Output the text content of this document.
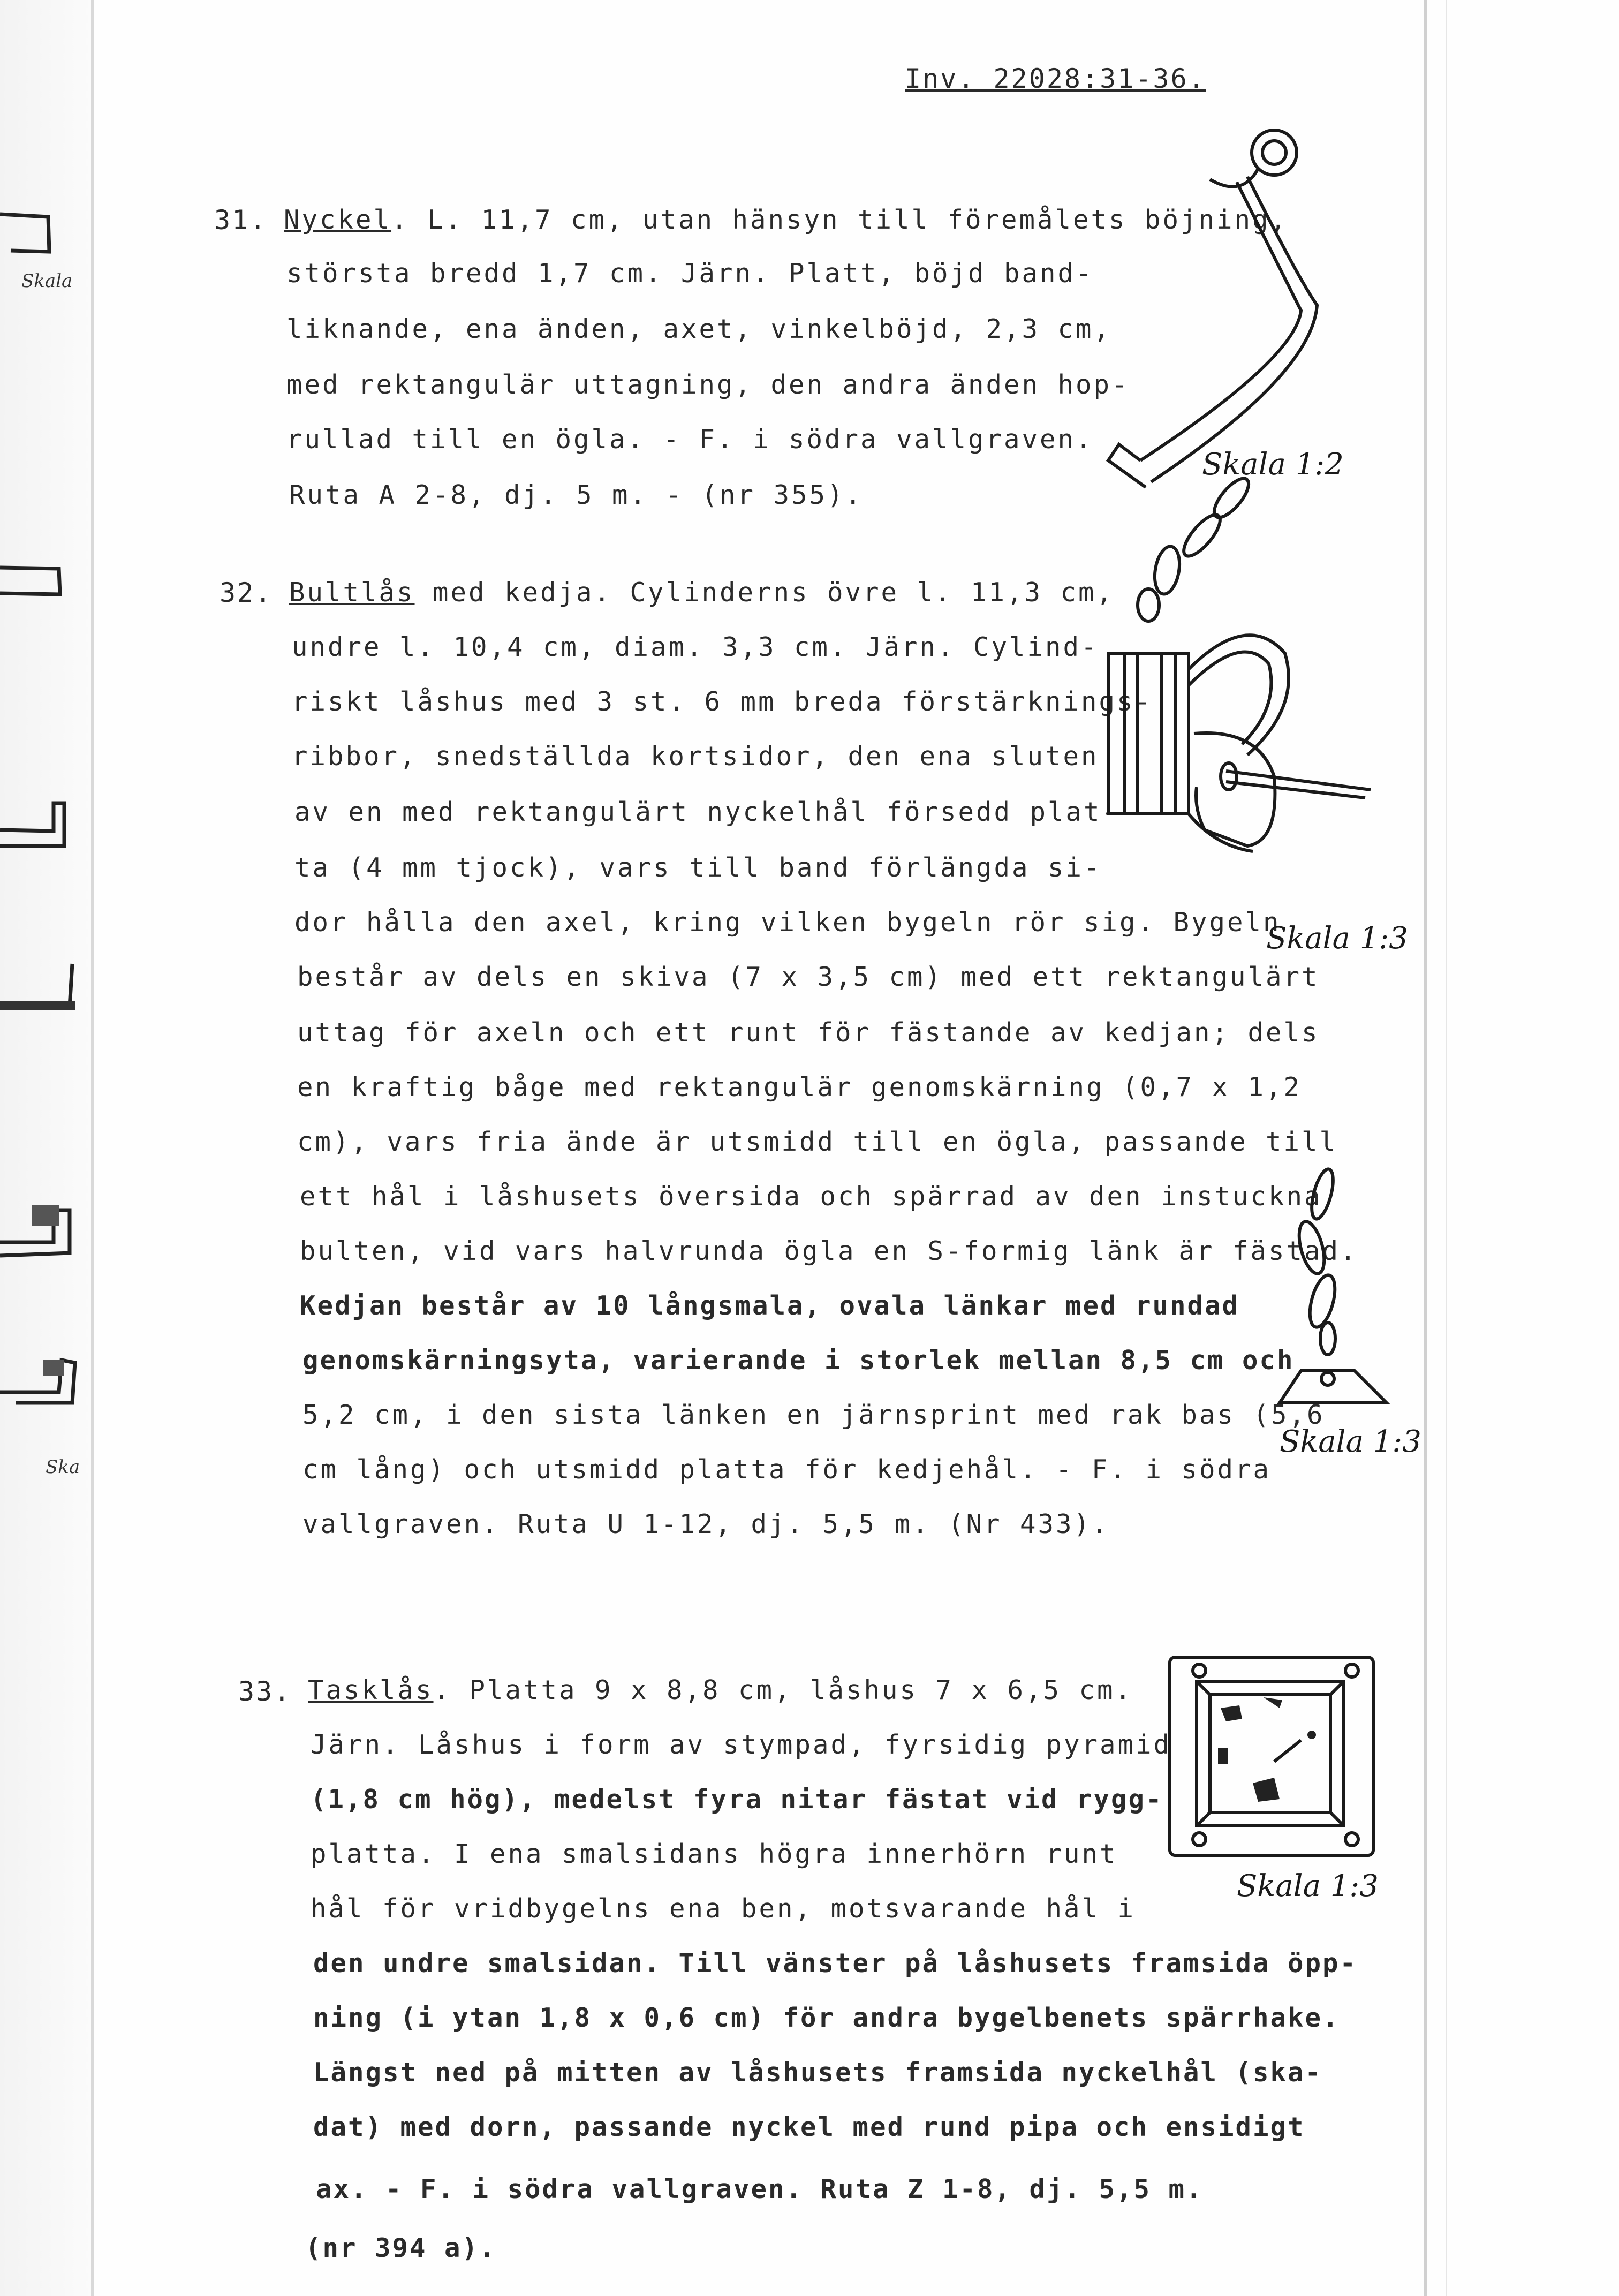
Skala
Ska
Inv. 22028:31-36.
31. Nyckel. L. 11,7 cm, utan hänsyn till föremålets böjning,
största bredd 1,7 cm. Järn. Platt, böjd band-
liknande, ena änden, axet, vinkelböjd, 2,3 cm,
med rektangulär uttagning, den andra änden hop-
rullad till en ögla. - F. i södra vallgraven.
Ruta A 2-8, dj. 5 m. - (nr 355).
Skala 1:2
32. Bultlås med kedja. Cylinderns övre l. 11,3 cm,
undre l. 10,4 cm, diam. 3,3 cm. Järn. Cylind-
riskt låshus med 3 st. 6 mm breda förstärknings-
ribbor, snedställda kortsidor, den ena sluten
av en med rektangulärt nyckelhål försedd plat-
ta (4 mm tjock), vars till band förlängda si-
dor hålla den axel, kring vilken bygeln rör sig. Bygeln
består av dels en skiva (7 x 3,5 cm) med ett rektangulärt
uttag för axeln och ett runt för fästande av kedjan; dels
en kraftig båge med rektangulär genomskärning (0,7 x 1,2
cm), vars fria ände är utsmidd till en ögla, passande till
ett hål i låshusets översida och spärrad av den instuckna
bulten, vid vars halvrunda ögla en S-formig länk är fästad.
Kedjan består av 10 långsmala, ovala länkar med rundad
genomskärningsyta, varierande i storlek mellan 8,5 cm och
5,2 cm, i den sista länken en järnsprint med rak bas (5,6
cm lång) och utsmidd platta för kedjehål. - F. i södra
vallgraven. Ruta U 1-12, dj. 5,5 m. (Nr 433).
Skala 1:3
Skala 1:3
33. Tasklås. Platta 9 x 8,8 cm, låshus 7 x 6,5 cm.
Järn. Låshus i form av stympad, fyrsidig pyramid
(1,8 cm hög), medelst fyra nitar fästat vid rygg-
platta. I ena smalsidans högra innerhörn runt
hål för vridbygelns ena ben, motsvarande hål i
den undre smalsidan. Till vänster på låshusets framsida öpp-
ning (i ytan 1,8 x 0,6 cm) för andra bygelbenets spärrhake.
Längst ned på mitten av låshusets framsida nyckelhål (ska-
dat) med dorn, passande nyckel med rund pipa och ensidigt
ax. - F. i södra vallgraven. Ruta Z 1-8, dj. 5,5 m.
(nr 394 a).
Skala 1:3
